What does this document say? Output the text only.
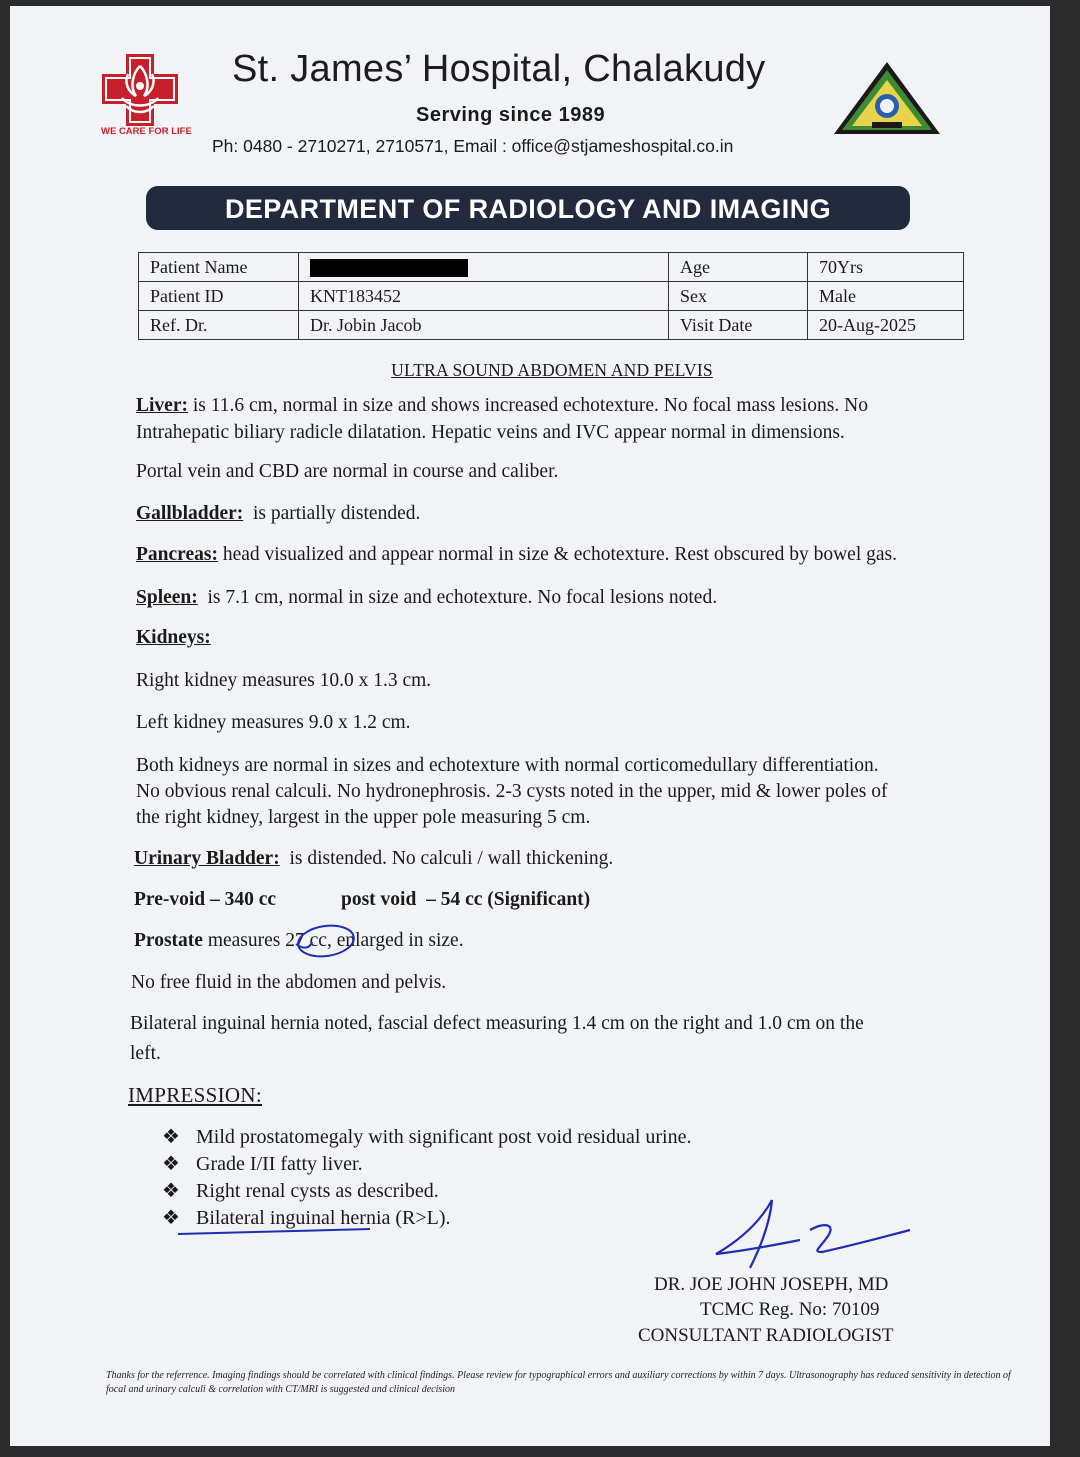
WE CARE FOR LIFE
St. James’ Hospital, Chalakudy
Serving since 1989
Ph: 0480 - 2710271, 2710571, Email : office@stjameshospital.co.in
DEPARTMENT OF RADIOLOGY AND IMAGING
Patient Name		Age	70Yrs
Patient ID	KNT183452	Sex	Male
Ref. Dr.	Dr. Jobin Jacob	Visit Date	20-Aug-2025
ULTRA SOUND ABDOMEN AND PELVIS
Liver: is 11.6 cm, normal in size and shows increased echotexture. No focal mass lesions. No
Intrahepatic biliary radicle dilatation. Hepatic veins and IVC appear normal in dimensions.
Portal vein and CBD are normal in course and caliber.
Gallbladder:  is partially distended.
Pancreas: head visualized and appear normal in size & echotexture. Rest obscured by bowel gas.
Spleen:  is 7.1 cm, normal in size and echotexture. No focal lesions noted.
Kidneys:
Right kidney measures 10.0 x 1.3 cm.
Left kidney measures 9.0 x 1.2 cm.
Both kidneys are normal in sizes and echotexture with normal corticomedullary differentiation.
No obvious renal calculi. No hydronephrosis. 2-3 cysts noted in the upper, mid & lower poles of
the right kidney, largest in the upper pole measuring 5 cm.
Urinary Bladder:  is distended. No calculi / wall thickening.
Pre-void – 340 cc	post void  – 54 cc (Significant)
Prostate measures 27 cc, enlarged in size.
No free fluid in the abdomen and pelvis.
Bilateral inguinal hernia noted, fascial defect measuring 1.4 cm on the right and 1.0 cm on the
left.
IMPRESSION:
❖ Mild prostatomegaly with significant post void residual urine.
❖ Grade I/II fatty liver.
❖ Right renal cysts as described.
❖ Bilateral inguinal hernia (R>L).
DR. JOE JOHN JOSEPH, MD
TCMC Reg. No: 70109
CONSULTANT RADIOLOGIST
Thanks for the referrence. Imaging findings should be correlated with clinical findings. Please review for typographical errors and auxiliary corrections by within 7 days. Ultrasonography has reduced sensitivity in detection of focal and urinary calculi & correlation with CT/MRI is suggested and clinical decision
